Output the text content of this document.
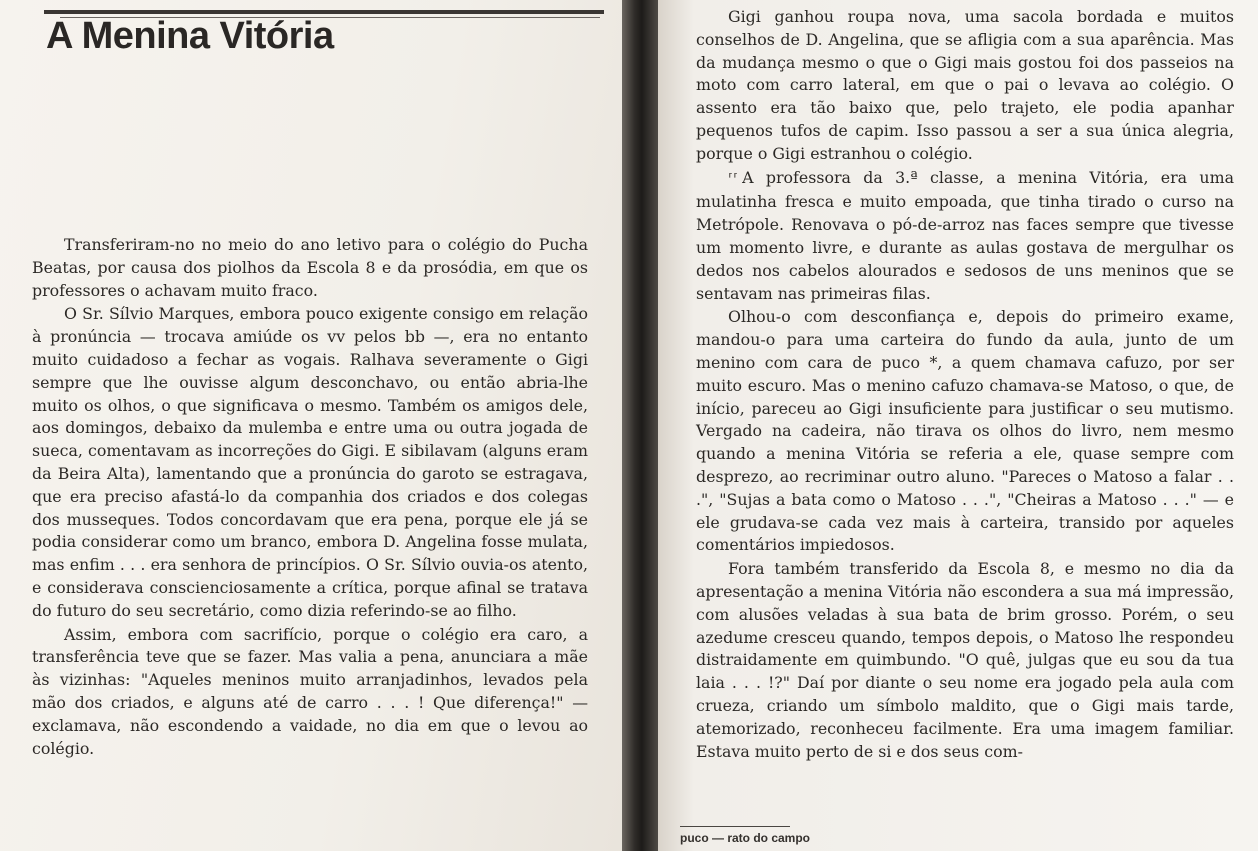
A Menina Vitória

Transferiram-no no meio do ano letivo para o colégio do Pucha Beatas, por causa dos piolhos da Escola 8 e da prosódia, em que os professores o achavam muito fraco.

O Sr. Sílvio Marques, embora pouco exigente consigo em relação à pronúncia — trocava amiúde os vv pelos bb —, era no entanto muito cuidadoso a fechar as vogais. Ralhava severamente o Gigi sempre que lhe ouvisse algum desconchavo, ou então abria-lhe muito os olhos, o que significava o mesmo. Também os amigos dele, aos domingos, debaixo da mulemba e entre uma ou outra jogada de sueca, comentavam as incorreções do Gigi. E sibilavam (alguns eram da Beira Alta), lamentando que a pronúncia do garoto se estragava, que era preciso afastá-lo da companhia dos criados e dos colegas dos musseques. Todos concordavam que era pena, porque ele já se podia considerar como um branco, embora D. Angelina fosse mulata, mas enfim . . . era senhora de princípios. O Sr. Sílvio ouvia-os atento, e considerava conscienciosamente a crítica, porque afinal se tratava do futuro do seu secretário, como dizia referindo-se ao filho.

Assim, embora com sacrifício, porque o colégio era caro, a transferência teve que se fazer. Mas valia a pena, anunciara a mãe às vizinhas: "Aqueles meninos muito arranjadinhos, levados pela mão dos criados, e alguns até de carro . . . ! Que diferença!" — exclamava, não escondendo a vaidade, no dia em que o levou ao colégio.

Gigi ganhou roupa nova, uma sacola bordada e muitos conselhos de D. Angelina, que se afligia com a sua aparência. Mas da mudança mesmo o que o Gigi mais gostou foi dos passeios na moto com carro lateral, em que o pai o levava ao colégio. O assento era tão baixo que, pelo trajeto, ele podia apanhar pequenos tufos de capim. Isso passou a ser a sua única alegria, porque o Gigi estranhou o colégio.

⸢⸢ A professora da 3.ª classe, a menina Vitória, era uma mulatinha fresca e muito empoada, que tinha tirado o curso na Metrópole. Renovava o pó-de-arroz nas faces sempre que tivesse um momento livre, e durante as aulas gostava de mergulhar os dedos nos cabelos alourados e sedosos de uns meninos que se sentavam nas primeiras filas.

Olhou-o com desconfiança e, depois do primeiro exame, mandou-o para uma carteira do fundo da aula, junto de um menino com cara de puco *, a quem chamava cafuzo, por ser muito escuro. Mas o menino cafuzo chamava-se Matoso, o que, de início, pareceu ao Gigi insuficiente para justificar o seu mutismo. Vergado na cadeira, não tirava os olhos do livro, nem mesmo quando a menina Vitória se referia a ele, quase sempre com desprezo, ao recriminar outro aluno. "Pareces o Matoso a falar . . .", "Sujas a bata como o Matoso . . .", "Cheiras a Matoso . . ." — e ele grudava-se cada vez mais à carteira, transido por aqueles comentários impiedosos.

Fora também transferido da Escola 8, e mesmo no dia da apresentação a menina Vitória não escondera a sua má impressão, com alusões veladas à sua bata de brim grosso. Porém, o seu azedume cresceu quando, tempos depois, o Matoso lhe respondeu distraidamente em quimbundo. "O quê, julgas que eu sou da tua laia . . . !?" Daí por diante o seu nome era jogado pela aula com crueza, criando um símbolo maldito, que o Gigi mais tarde, atemorizado, reconheceu facilmente. Era uma imagem familiar. Estava muito perto de si e dos seus com-

puco — rato do campo
